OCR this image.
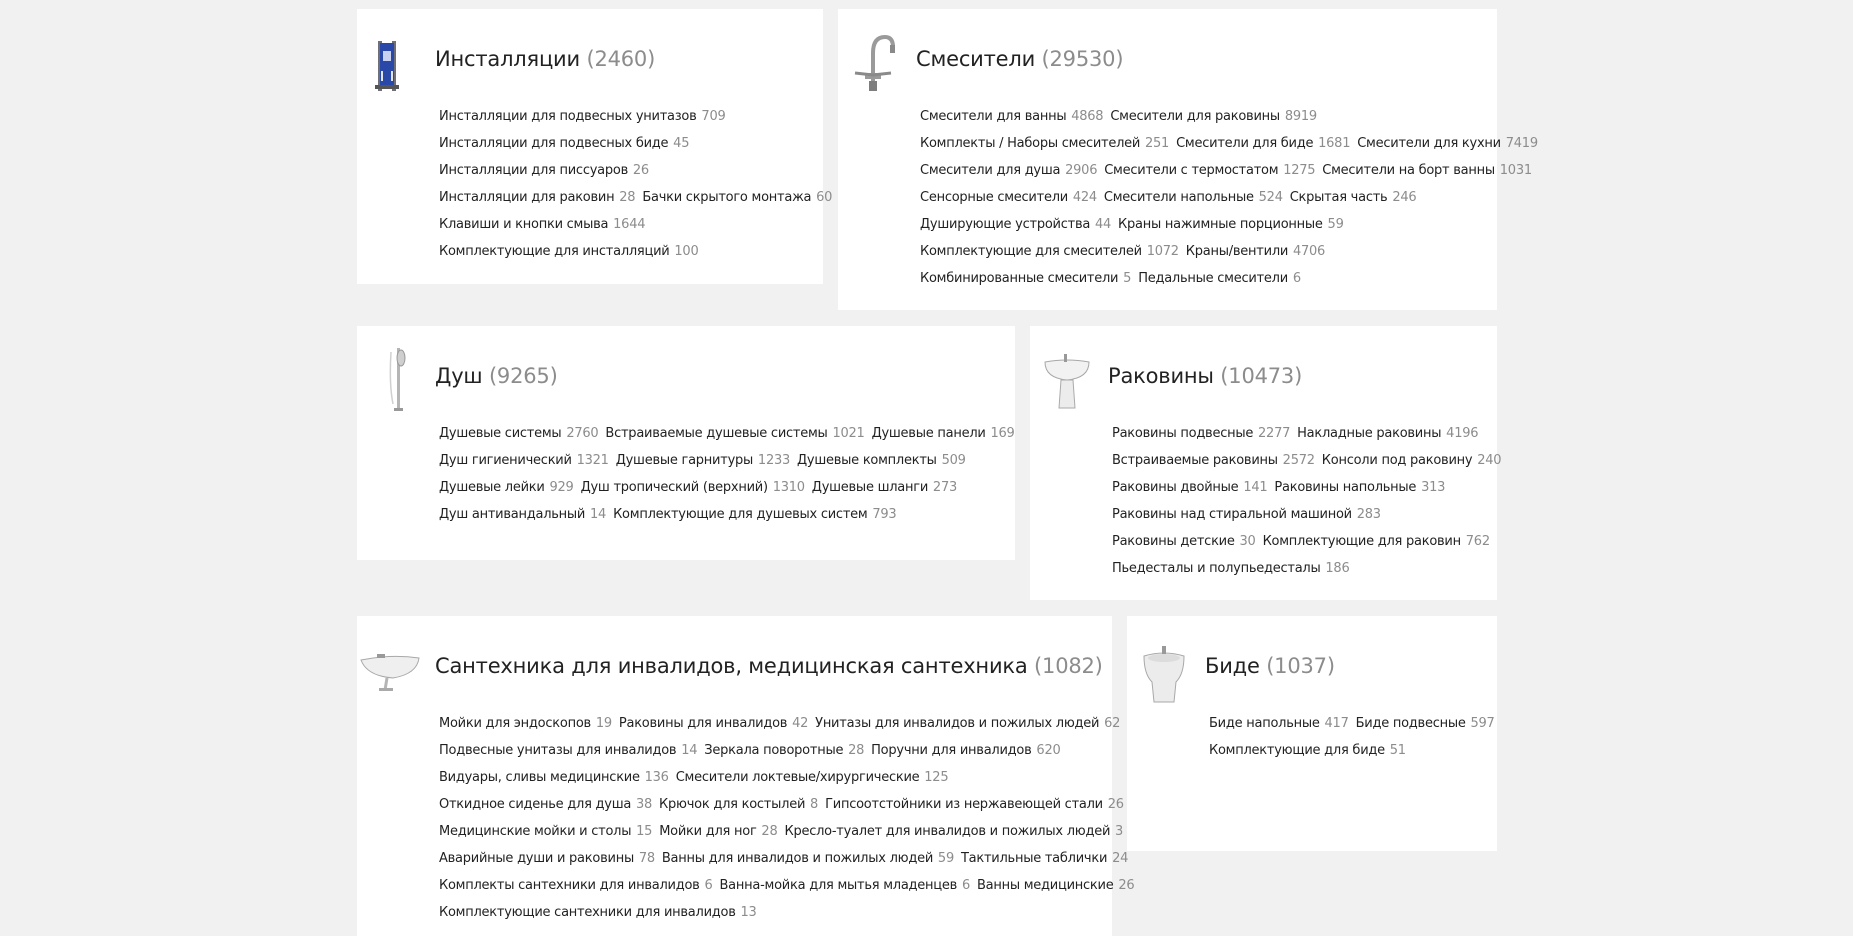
Инсталляции (2460)
Инсталляции для подвесных унитазов 709
Инсталляции для подвесных биде 45
Инсталляции для писсуаров 26
Инсталляции для раковин 28 Бачки скрытого монтажа 60
Клавиши и кнопки смыва 1644
Комплектующие для инсталляций 100
Смесители (29530)
Смесители для ванны 4868 Смесители для раковины 8919
Комплекты / Наборы смесителей 251 Смесители для биде 1681 Смесители для кухни 7419
Смесители для душа 2906 Смесители с термостатом 1275 Смесители на борт ванны 1031
Сенсорные смесители 424 Смесители напольные 524 Скрытая часть 246
Душирующие устройства 44 Краны нажимные порционные 59
Комплектующие для смесителей 1072 Краны/вентили 4706
Комбинированные смесители 5 Педальные смесители 6
Душ (9265)
Душевые системы 2760 Встраиваемые душевые системы 1021 Душевые панели 169
Душ гигиенический 1321 Душевые гарнитуры 1233 Душевые комплекты 509
Душевые лейки 929 Душ тропический (верхний) 1310 Душевые шланги 273
Душ антивандальный 14 Комплектующие для душевых систем 793
Раковины (10473)
Раковины подвесные 2277 Накладные раковины 4196
Встраиваемые раковины 2572 Консоли под раковину 240
Раковины двойные 141 Раковины напольные 313
Раковины над стиральной машиной 283
Раковины детские 30 Комплектующие для раковин 762
Пьедесталы и полупьедесталы 186
Сантехника для инвалидов, медицинская сантехника (1082)
Мойки для эндоскопов 19 Раковины для инвалидов 42 Унитазы для инвалидов и пожилых людей 62
Подвесные унитазы для инвалидов 14 Зеркала поворотные 28 Поручни для инвалидов 620
Видуары, сливы медицинские 136 Смесители локтевые/хирургические 125
Откидное сиденье для душа 38 Крючок для костылей 8 Гипсоотстойники из нержавеющей стали 26
Медицинские мойки и столы 15 Мойки для ног 28 Кресло-туалет для инвалидов и пожилых людей 3
Аварийные души и раковины 78 Ванны для инвалидов и пожилых людей 59 Тактильные таблички 24
Комплекты сантехники для инвалидов 6 Ванна-мойка для мытья младенцев 6 Ванны медицинские 26
Комплектующие сантехники для инвалидов 13
Биде (1037)
Биде напольные 417 Биде подвесные 597
Комплектующие для биде 51
